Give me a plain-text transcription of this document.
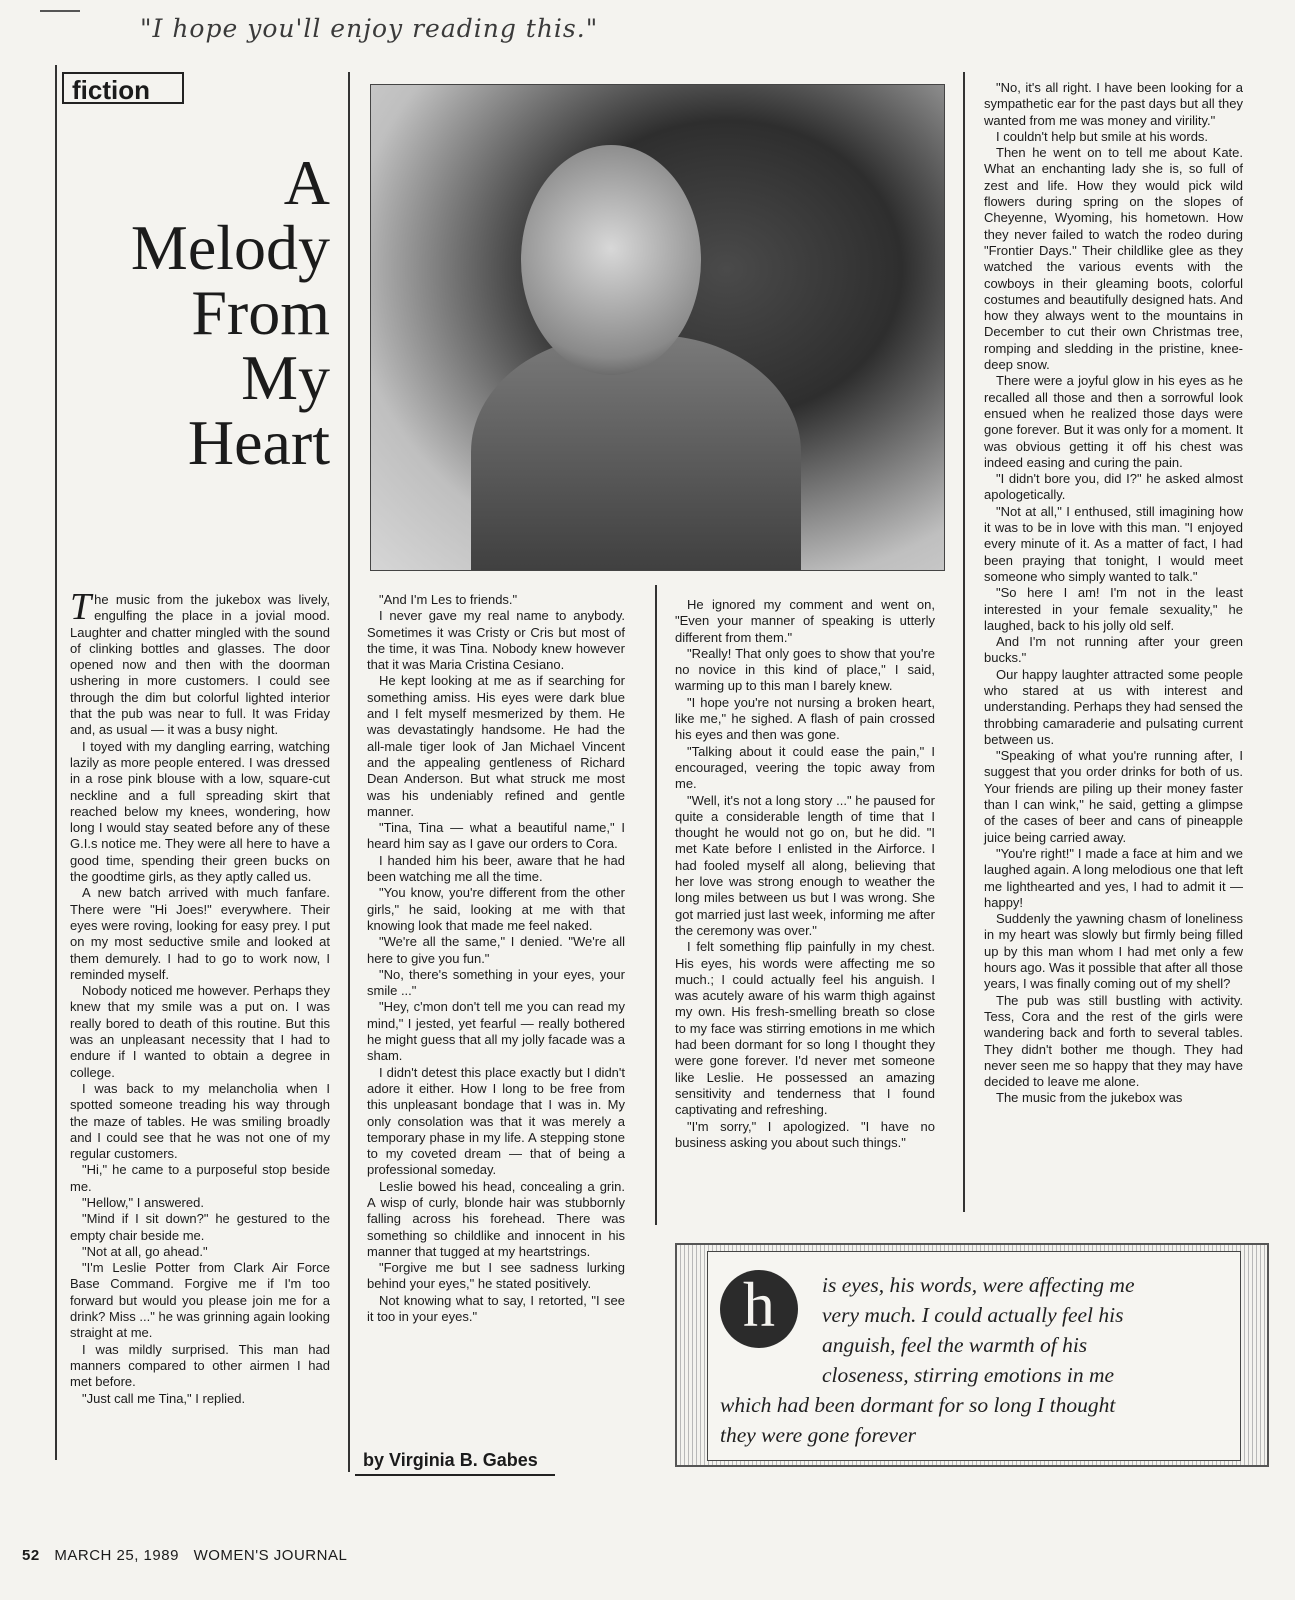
"I hope you'll enjoy reading this."
fiction
A
Melody
From
My
Heart

The music from the jukebox was lively, engulfing the place in a jovial mood. Laughter and chatter mingled with the sound of clinking bottles and glasses. The door opened now and then with the doorman ushering in more customers. I could see through the dim but colorful lighted interior that the pub was near to full. It was Friday and, as usual — it was a busy night.

I toyed with my dangling earring, watching lazily as more people entered. I was dressed in a rose pink blouse with a low, square-cut neckline and a full spreading skirt that reached below my knees, wondering, how long I would stay seated before any of these G.I.s notice me. They were all here to have a good time, spending their green bucks on the goodtime girls, as they aptly called us.

A new batch arrived with much fanfare. There were "Hi Joes!" everywhere. Their eyes were roving, looking for easy prey. I put on my most seductive smile and looked at them demurely. I had to go to work now, I reminded myself.

Nobody noticed me however. Perhaps they knew that my smile was a put on. I was really bored to death of this routine. But this was an unpleasant necessity that I had to endure if I wanted to obtain a degree in college.

I was back to my melancholia when I spotted someone treading his way through the maze of tables. He was smiling broadly and I could see that he was not one of my regular customers.

"Hi," he came to a purposeful stop beside me.

"Hellow," I answered.

"Mind if I sit down?" he gestured to the empty chair beside me.

"Not at all, go ahead."

"I'm Leslie Potter from Clark Air Force Base Command. Forgive me if I'm too forward but would you please join me for a drink? Miss ..." he was grinning again looking straight at me.

I was mildly surprised. This man had manners compared to other airmen I had met before.

"Just call me Tina," I replied.

"And I'm Les to friends."

I never gave my real name to anybody. Sometimes it was Cristy or Cris but most of the time, it was Tina. Nobody knew however that it was Maria Cristina Cesiano.

He kept looking at me as if searching for something amiss. His eyes were dark blue and I felt myself mesmerized by them. He was devastatingly handsome. He had the all-male tiger look of Jan Michael Vincent and the appealing gentleness of Richard Dean Anderson. But what struck me most was his undeniably refined and gentle manner.

"Tina, Tina — what a beautiful name," I heard him say as I gave our orders to Cora.

I handed him his beer, aware that he had been watching me all the time.

"You know, you're different from the other girls," he said, looking at me with that knowing look that made me feel naked.

"We're all the same," I denied. "We're all here to give you fun."

"No, there's something in your eyes, your smile ..."

"Hey, c'mon don't tell me you can read my mind," I jested, yet fearful — really bothered he might guess that all my jolly facade was a sham.

I didn't detest this place exactly but I didn't adore it either. How I long to be free from this unpleasant bondage that I was in. My only consolation was that it was merely a temporary phase in my life. A stepping stone to my coveted dream — that of being a professional someday.

Leslie bowed his head, concealing a grin. A wisp of curly, blonde hair was stubbornly falling across his forehead. There was something so childlike and innocent in his manner that tugged at my heartstrings.

"Forgive me but I see sadness lurking behind your eyes," he stated positively.

Not knowing what to say, I retorted, "I see it too in your eyes."

He ignored my comment and went on, "Even your manner of speaking is utterly different from them."

"Really! That only goes to show that you're no novice in this kind of place," I said, warming up to this man I barely knew.

"I hope you're not nursing a broken heart, like me," he sighed. A flash of pain crossed his eyes and then was gone.

"Talking about it could ease the pain," I encouraged, veering the topic away from me.

"Well, it's not a long story ..." he paused for quite a considerable length of time that I thought he would not go on, but he did. "I met Kate before I enlisted in the Airforce. I had fooled myself all along, believing that her love was strong enough to weather the long miles between us but I was wrong. She got married just last week, informing me after the ceremony was over."

I felt something flip painfully in my chest. His eyes, his words were affecting me so much.; I could actually feel his anguish. I was acutely aware of his warm thigh against my own. His fresh-smelling breath so close to my face was stirring emotions in me which had been dormant for so long I thought they were gone forever. I'd never met someone like Leslie. He possessed an amazing sensitivity and tenderness that I found captivating and refreshing.

"I'm sorry," I apologized. "I have no business asking you about such things."

"No, it's all right. I have been looking for a sympathetic ear for the past days but all they wanted from me was money and virility."

I couldn't help but smile at his words.

Then he went on to tell me about Kate. What an enchanting lady she is, so full of zest and life. How they would pick wild flowers during spring on the slopes of Cheyenne, Wyoming, his hometown. How they never failed to watch the rodeo during "Frontier Days." Their childlike glee as they watched the various events with the cowboys in their gleaming boots, colorful costumes and beautifully designed hats. And how they always went to the mountains in December to cut their own Christmas tree, romping and sledding in the pristine, knee-deep snow.

There were a joyful glow in his eyes as he recalled all those and then a sorrowful look ensued when he realized those days were gone forever. But it was only for a moment. It was obvious getting it off his chest was indeed easing and curing the pain.

"I didn't bore you, did I?" he asked almost apologetically.

"Not at all," I enthused, still imagining how it was to be in love with this man. "I enjoyed every minute of it. As a matter of fact, I had been praying that tonight, I would meet someone who simply wanted to talk."

"So here I am! I'm not in the least interested in your female sexuality," he laughed, back to his jolly old self.

And I'm not running after your green bucks."

Our happy laughter attracted some people who stared at us with interest and understanding. Perhaps they had sensed the throbbing camaraderie and pulsating current between us.

"Speaking of what you're running after, I suggest that you order drinks for both of us. Your friends are piling up their money faster than I can wink," he said, getting a glimpse of the cases of beer and cans of pineapple juice being carried away.

"You're right!" I made a face at him and we laughed again. A long melodious one that left me lighthearted and yes, I had to admit it — happy!

Suddenly the yawning chasm of loneliness in my heart was slowly but firmly being filled up by this man whom I had met only a few hours ago. Was it possible that after all those years, I was finally coming out of my shell?

The pub was still bustling with activity. Tess, Cora and the rest of the girls were wandering back and forth to several tables. They didn't bother me though. They had never seen me so happy that they may have decided to leave me alone.

The music from the jukebox was

by Virginia B. Gabes
h	is eyes, his words, were affecting me
very much. I could actually feel his
anguish, feel the warmth of his
closeness, stirring emotions in me
which had been dormant for so long I thought
they were gone forever
52 MARCH 25, 1989 WOMEN'S JOURNAL
